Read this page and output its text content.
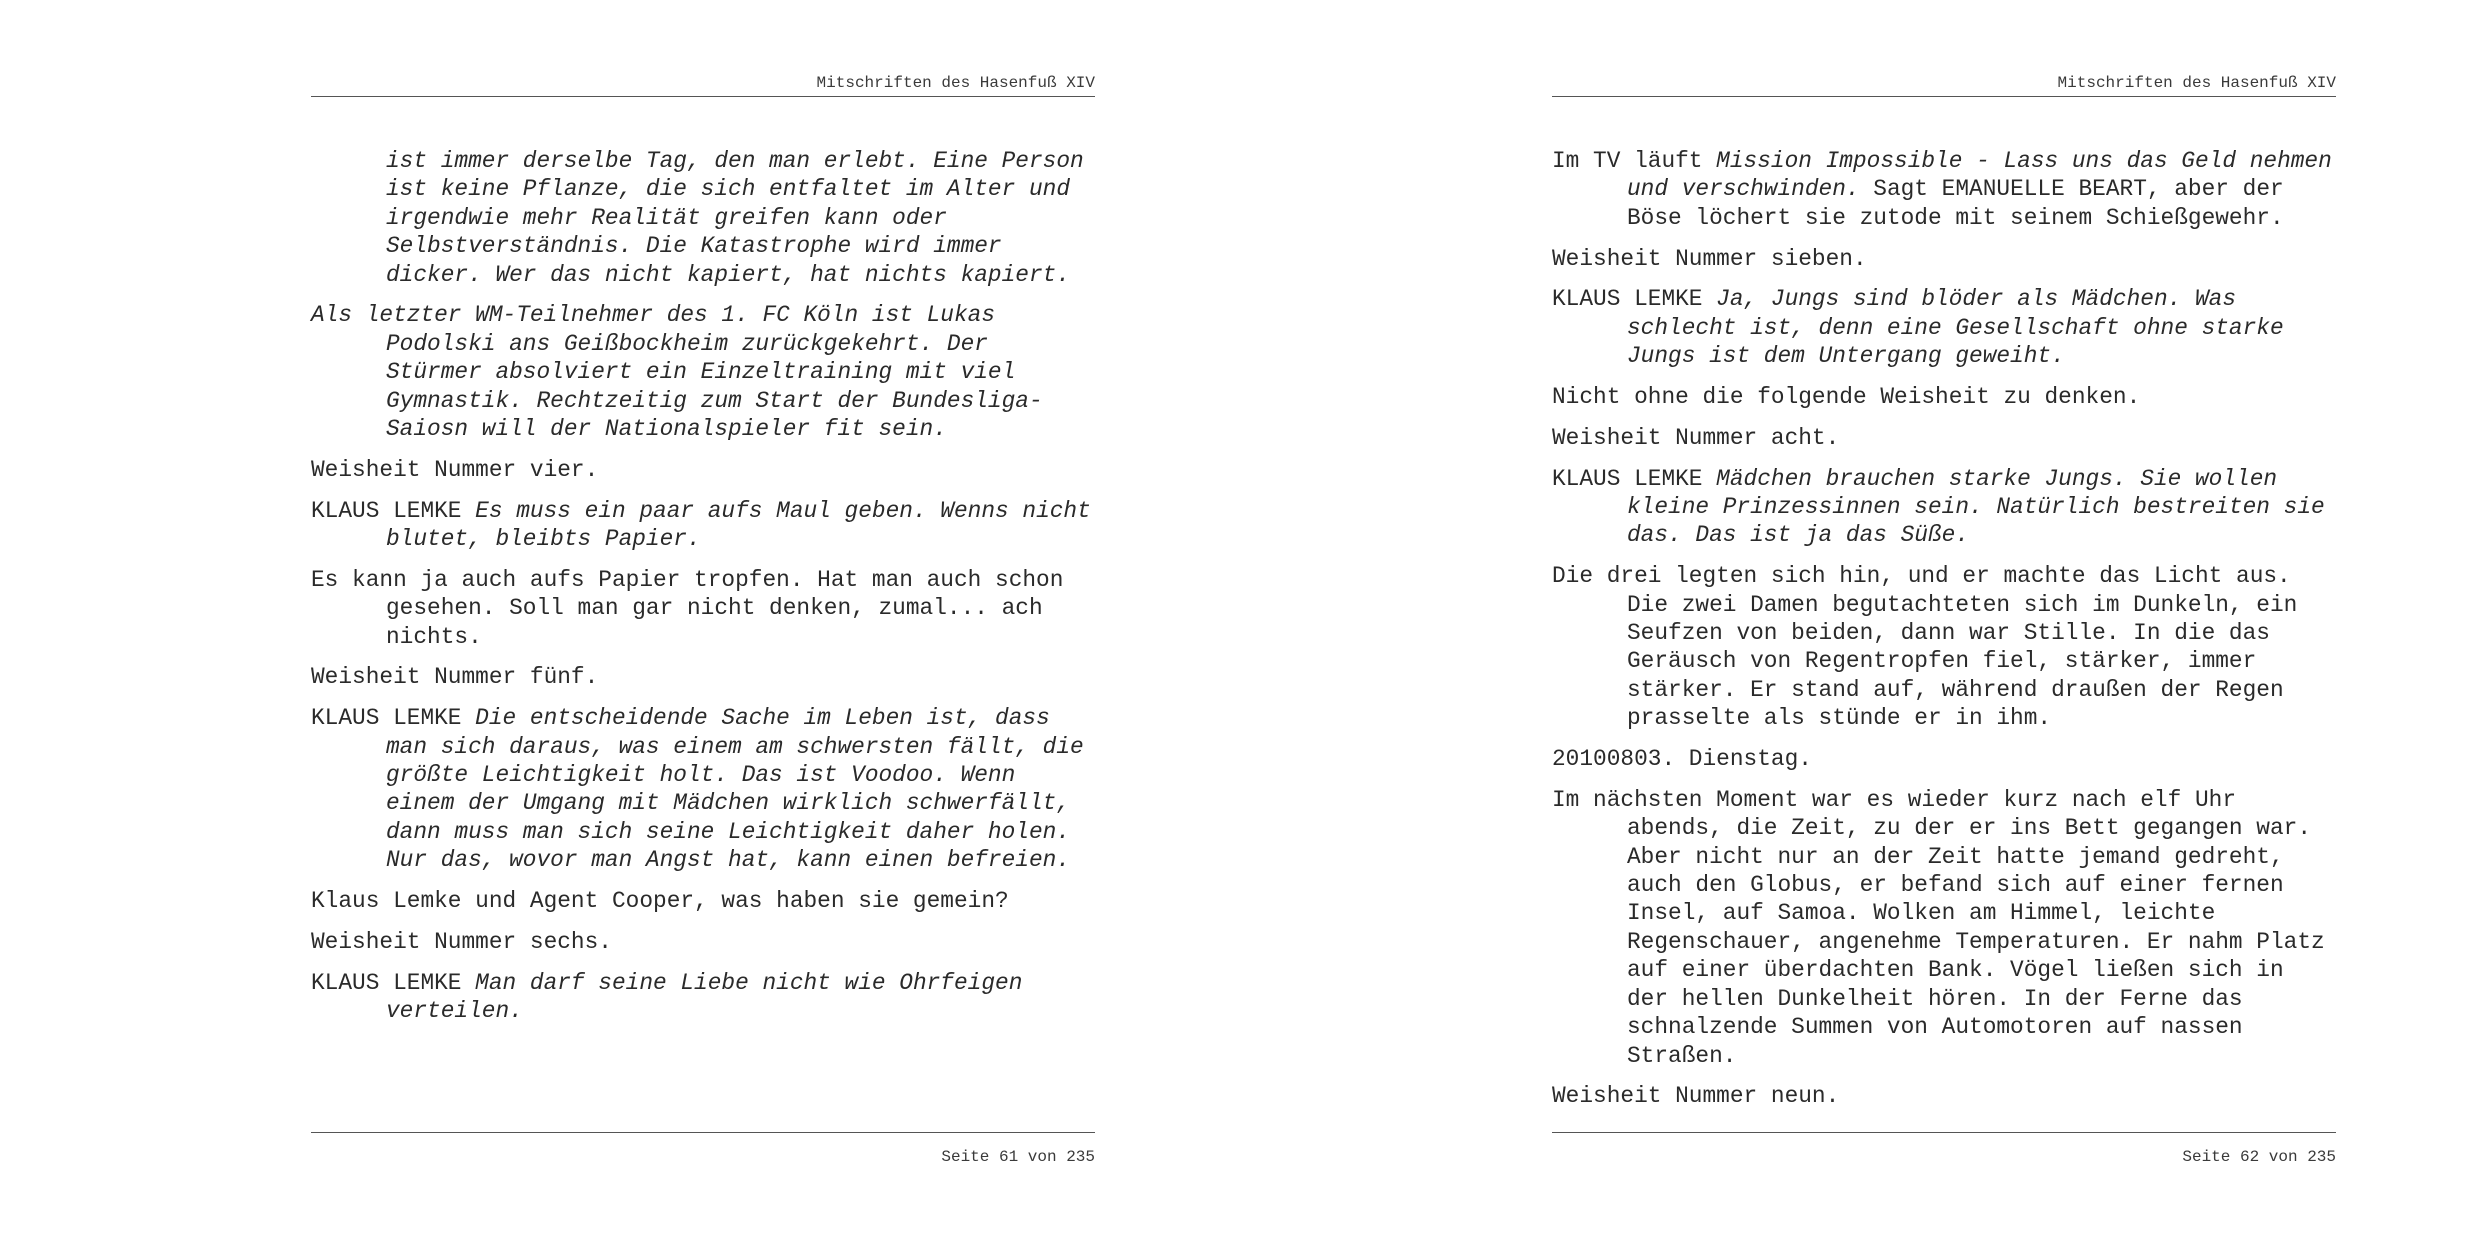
Mitschriften des Hasenfuß XIV

ist immer derselbe Tag, den man erlebt. Eine Person ist keine Pflanze, die sich entfaltet im Alter und irgendwie mehr Realität greifen kann oder Selbstverständnis. Die Katastrophe wird immer dicker. Wer das nicht kapiert, hat nichts kapiert.

Als letzter WM-Teilnehmer des 1. FC Köln ist Lukas Podolski ans Geißbockheim zurückgekehrt. Der Stürmer absolviert ein Einzeltraining mit viel Gymnastik. Rechtzeitig zum Start der Bundesliga-Saiosn will der Nationalspieler fit sein.

Weisheit Nummer vier.

KLAUS LEMKE Es muss ein paar aufs Maul geben. Wenns nicht blutet, bleibts Papier.

Es kann ja auch aufs Papier tropfen. Hat man auch schon gesehen. Soll man gar nicht denken, zumal... ach nichts.

Weisheit Nummer fünf.

KLAUS LEMKE Die entscheidende Sache im Leben ist, dass man sich daraus, was einem am schwersten fällt, die größte Leichtigkeit holt. Das ist Voodoo. Wenn einem der Umgang mit Mädchen wirklich schwerfällt, dann muss man sich seine Leichtigkeit daher holen. Nur das, wovor man Angst hat, kann einen befreien.

Klaus Lemke und Agent Cooper, was haben sie gemein?

Weisheit Nummer sechs.

KLAUS LEMKE Man darf seine Liebe nicht wie Ohrfeigen verteilen.

Seite 61 von 235
Mitschriften des Hasenfuß XIV

Im TV läuft Mission Impossible - Lass uns das Geld nehmen und verschwinden. Sagt EMANUELLE BEART, aber der Böse löchert sie zutode mit seinem Schießgewehr.

Weisheit Nummer sieben.

KLAUS LEMKE Ja, Jungs sind blöder als Mädchen. Was schlecht ist, denn eine Gesellschaft ohne starke Jungs ist dem Untergang geweiht.

Nicht ohne die folgende Weisheit zu denken.

Weisheit Nummer acht.

KLAUS LEMKE Mädchen brauchen starke Jungs. Sie wollen kleine Prinzessinnen sein. Natürlich bestreiten sie das. Das ist ja das Süße.

Die drei legten sich hin, und er machte das Licht aus. Die zwei Damen begutachteten sich im Dunkeln, ein Seufzen von beiden, dann war Stille. In die das Geräusch von Regentropfen fiel, stärker, immer stärker. Er stand auf, während draußen der Regen prasselte als stünde er in ihm.

20100803. Dienstag.

Im nächsten Moment war es wieder kurz nach elf Uhr abends, die Zeit, zu der er ins Bett gegangen war. Aber nicht nur an der Zeit hatte jemand gedreht, auch den Globus, er befand sich auf einer fernen Insel, auf Samoa. Wolken am Himmel, leichte Regenschauer, angenehme Temperaturen. Er nahm Platz auf einer überdachten Bank. Vögel ließen sich in der hellen Dunkelheit hören. In der Ferne das schnalzende Summen von Automotoren auf nassen Straßen.

Weisheit Nummer neun.

Seite 62 von 235
